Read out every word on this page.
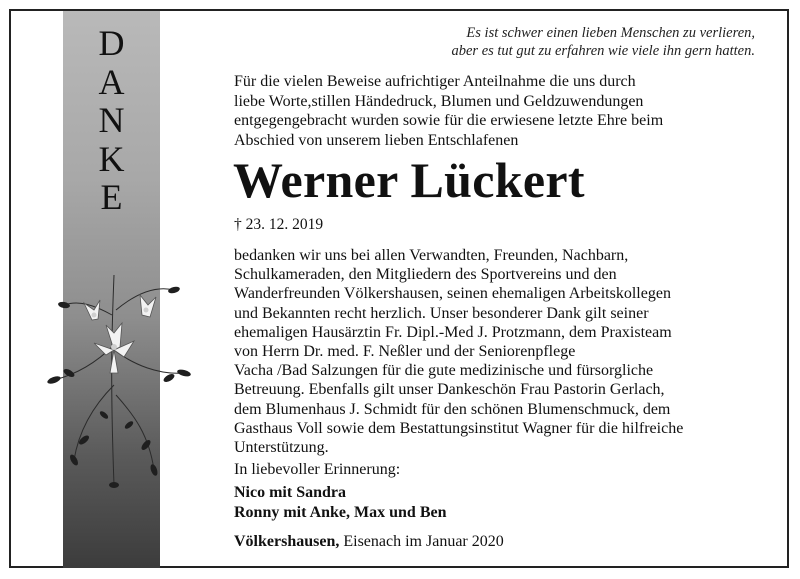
D
A
N
K
E
Es ist schwer einen lieben Menschen zu verlieren,
aber es tut gut zu erfahren wie viele ihn gern hatten.
Für die vielen Beweise aufrichtiger Anteilnahme die uns durch
liebe Worte,stillen Händedruck, Blumen und Geldzuwendungen
entgegengebracht wurden sowie für die erwiesene letzte Ehre beim
Abschied von unserem lieben Entschlafenen
Werner Lückert
† 23. 12. 2019
bedanken wir uns bei allen Verwandten, Freunden, Nachbarn,
Schulkameraden, den Mitgliedern des Sportvereins und den
Wanderfreunden Völkershausen, seinen ehemaligen Arbeitskollegen
und Bekannten recht herzlich. Unser besonderer Dank gilt seiner
ehemaligen Hausärztin Fr. Dipl.-Med J. Protzmann, dem Praxisteam
von Herrn Dr. med. F. Neßler und der Seniorenpflege
Vacha /Bad Salzungen für die gute medizinische und fürsorgliche
Betreuung. Ebenfalls gilt unser Dankeschön Frau Pastorin Gerlach,
dem Blumenhaus J. Schmidt für den schönen Blumenschmuck, dem
Gasthaus Voll sowie dem Bestattungsinstitut Wagner für die hilfreiche
Unterstützung.
In liebevoller Erinnerung:
Nico mit Sandra
Ronny mit Anke, Max und Ben
Völkershausen, Eisenach im Januar 2020
